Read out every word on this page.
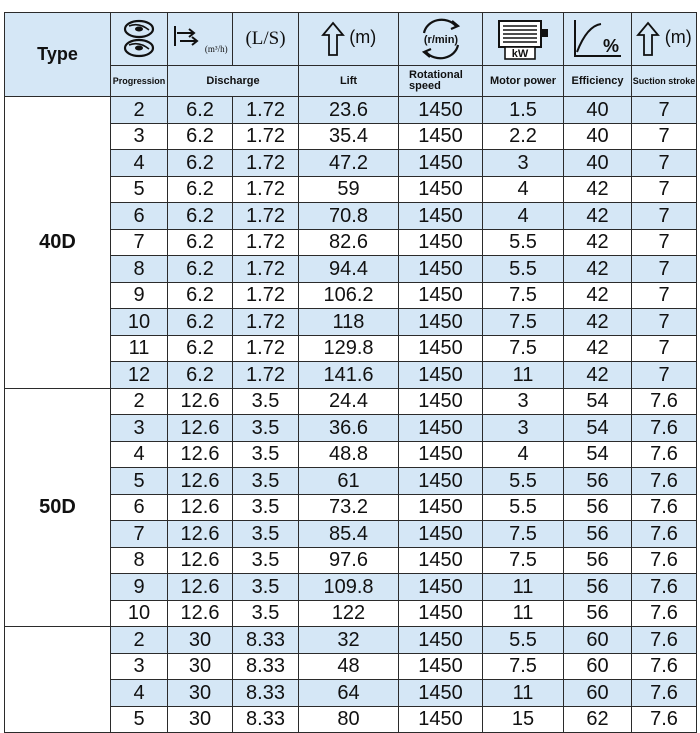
Type		(m³/h)	(L/S)	(m)	(r/min)	kW	%	(m)
	Progression	Discharge		Lift	Rotational speed	Motor power	Efficiency	Suction stroke
40D	2	6.2	1.72	23.6	1450	1.5	40	7
	3	6.2	1.72	35.4	1450	2.2	40	7
	4	6.2	1.72	47.2	1450	3	40	7
	5	6.2	1.72	59	1450	4	42	7
	6	6.2	1.72	70.8	1450	4	42	7
	7	6.2	1.72	82.6	1450	5.5	42	7
	8	6.2	1.72	94.4	1450	5.5	42	7
	9	6.2	1.72	106.2	1450	7.5	42	7
	10	6.2	1.72	118	1450	7.5	42	7
	11	6.2	1.72	129.8	1450	7.5	42	7
	12	6.2	1.72	141.6	1450	11	42	7
50D	2	12.6	3.5	24.4	1450	3	54	7.6
	3	12.6	3.5	36.6	1450	3	54	7.6
	4	12.6	3.5	48.8	1450	4	54	7.6
	5	12.6	3.5	61	1450	5.5	56	7.6
	6	12.6	3.5	73.2	1450	5.5	56	7.6
	7	12.6	3.5	85.4	1450	7.5	56	7.6
	8	12.6	3.5	97.6	1450	7.5	56	7.6
	9	12.6	3.5	109.8	1450	11	56	7.6
	10	12.6	3.5	122	1450	11	56	7.6
	2	30	8.33	32	1450	5.5	60	7.6
	3	30	8.33	48	1450	7.5	60	7.6
	4	30	8.33	64	1450	11	60	7.6
	5	30	8.33	80	1450	15	62	7.6
